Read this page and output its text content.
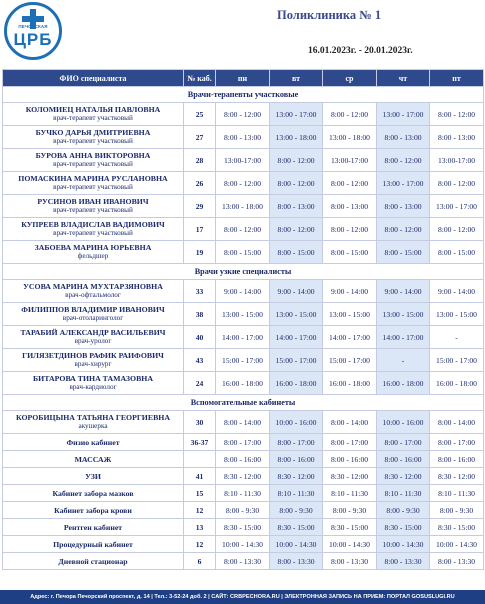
ПЕЧОРСКАЯ
ЦРБ
Поликлиника № 1
16.01.2023г. - 20.01.2023г.
ФИО специалиста	№ каб.	пн	вт	ср	чт	пт
Врачи-терапевты участковые						

КОЛОМИЕЦ НАТАЛЬЯ ПАВЛОВНА
врач-терапевт участковый	25	8:00 - 12:00	13:00 - 17:00	8:00 - 12:00	13:00 - 17:00	8:00 - 12:00

БУЧКО ДАРЬЯ ДМИТРИЕВНА
врач-терапевт участковый	27	8:00 - 13:00	13:00 - 18:00	13:00 - 18:00	8:00 - 13:00	8:00 - 13:00

БУРОВА АННА ВИКТОРОВНА
врач-терапевт участковый	28	13:00-17:00	8:00 - 12:00	13:00-17:00	8:00 - 12:00	13:00-17:00

ПОМАСКИНА МАРИНА РУСЛАНОВНА
врач-терапевт участковый	26	8:00 - 12:00	8:00 - 12:00	8:00 - 12:00	13:00 - 17:00	8:00 - 12:00

РУСИНОВ ИВАН ИВАНОВИЧ
врач-терапевт участковый	29	13:00 - 18:00	8:00 - 13:00	8:00 - 13:00	8:00 - 13:00	13:00 - 17:00

КУПРЕЕВ ВЛАДИСЛАВ ВАДИМОВИЧ
врач-терапевт участковый	17	8:00 - 12:00	8:00 - 12:00	8:00 - 12:00	8:00 - 12:00	8:00 - 12:00

ЗАБОЕВА МАРИНА ЮРЬЕВНА
фельдшер	19	8:00 - 15:00	8:00 - 15:00	8:00 - 15:00	8:00 - 15:00	8:00 - 15:00
Врачи узкие специалисты						

УСОВА МАРИНА МУХТАРЗЯНОВНА
врач-офтальмолог	33	9:00 - 14:00	9:00 - 14:00	9:00 - 14:00	9:00 - 14:00	9:00 - 14:00

ФИЛИППОВ ВЛАДИМИР ИВАНОВИЧ
врач-отоларинголог	38	13:00 - 15:00	13:00 - 15:00	13:00 - 15:00	13:00 - 15:00	13:00 - 15:00

ТАРАБИЙ АЛЕКСАНДР ВАСИЛЬЕВИЧ
врач-уролог	40	14:00 - 17:00	14:00 - 17:00	14:00 - 17:00	14:00 - 17:00	-

ГИЛЯЗЕТДИНОВ РАФИК РАИФОВИЧ
врач-хирург	43	15:00 - 17:00	15:00 - 17:00	15:00 - 17:00	-	15:00 - 17:00

БИТАРОВА ТИНА ТАМАЗОВНА
врач-кардиолог	24	16:00 - 18:00	16:00 - 18:00	16:00 - 18:00	16:00 - 18:00	16:00 - 18:00
Вспомогательные кабинеты						

КОРОБИЦЫНА ТАТЬЯНА ГЕОРГИЕВНА
акушерка	30	8:00 - 14:00	10:00 - 16:00	8:00 - 14:00	10:00 - 16:00	8:00 - 14:00

Физио кабинет	36-37	8:00 - 17:00	8:00 - 17:00	8:00 - 17:00	8:00 - 17:00	8:00 - 17:00

МАССАЖ		8:00 - 16:00	8:00 - 16:00	8:00 - 16:00	8:00 - 16:00	8:00 - 16:00

УЗИ	41	8:30 - 12:00	8:30 - 12:00	8:30 - 12:00	8:30 - 12:00	8:30 - 12:00

Кабинет забора мазков	15	8:10 - 11:30	8:10 - 11:30	8:10 - 11:30	8:10 - 11:30	8:10 - 11:30

Кабинет забора крови	12	8:00 - 9:30	8:00 - 9:30	8:00 - 9:30	8:00 - 9:30	8:00 - 9:30

Рентген кабинет	13	8:30 - 15:00	8:30 - 15:00	8:30 - 15:00	8:30 - 15:00	8:30 - 15:00

Процедурный кабинет	12	10:00 - 14:30	10:00 - 14:30	10:00 - 14:30	10:00 - 14:30	10:00 - 14:30

Дневной стационар	6	8:00 - 13:30	8:00 - 13:30	8:00 - 13:30	8:00 - 13:30	8:00 - 13:30
Адрес: г. Печора Печорский проспект, д. 14 | Тел.: 3-52-24 доб. 2 | САЙТ: CRBPECHORA.RU | ЭЛЕКТРОННАЯ ЗАПИСЬ НА ПРИЕМ: ПОРТАЛ GOSUSLUGI.RU
